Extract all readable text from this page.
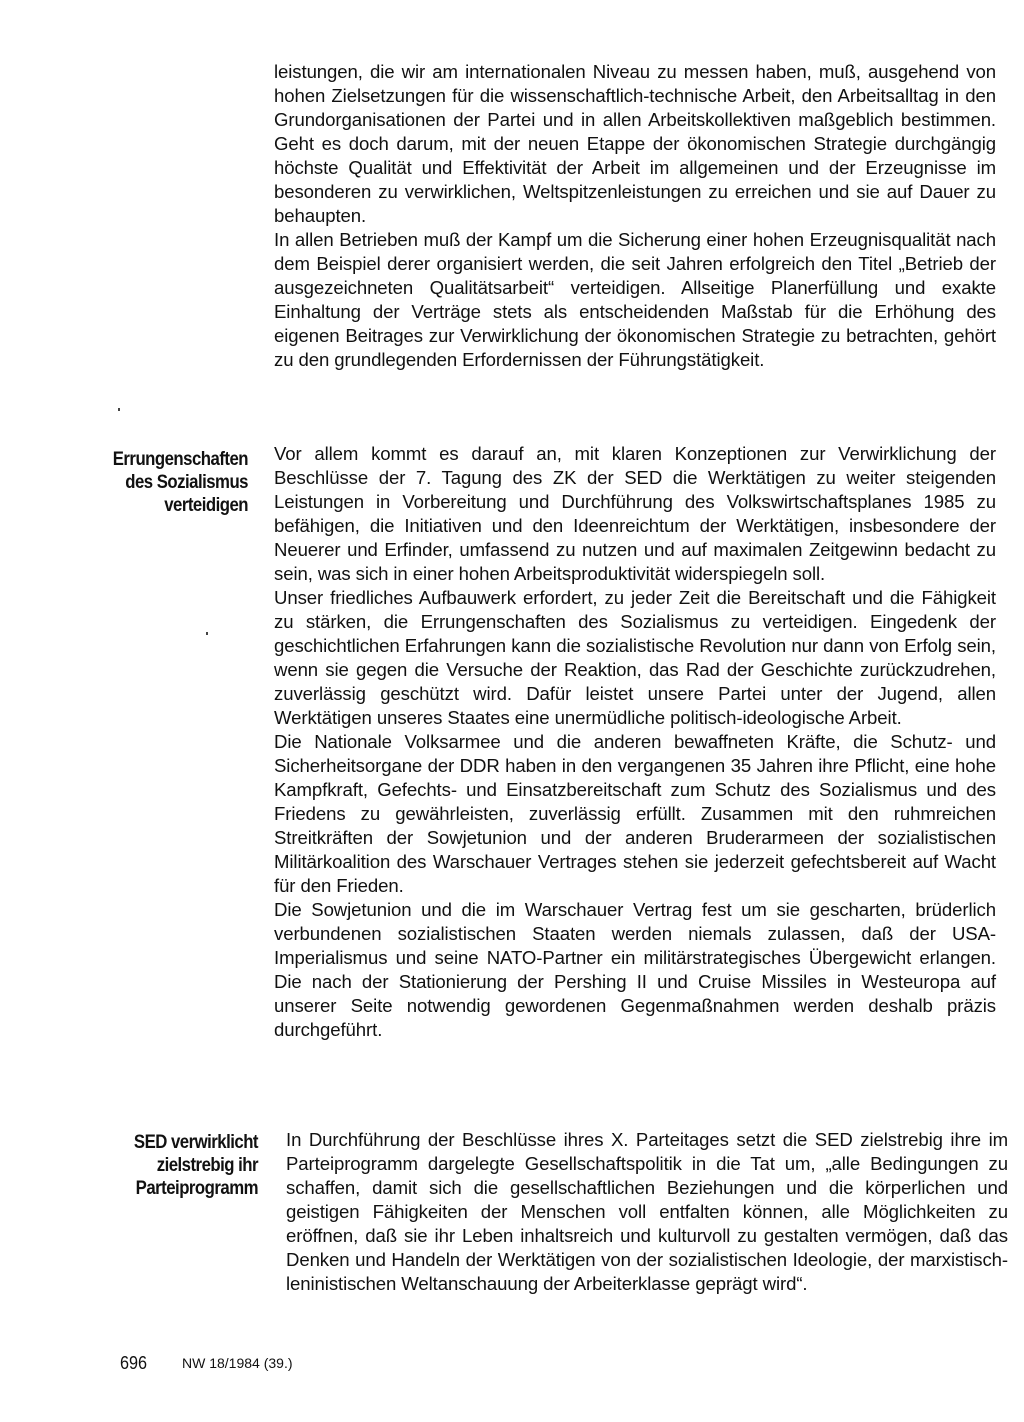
leistungen, die wir am internationalen Niveau zu messen haben, muß, ausgehend von hohen Zielsetzungen für die wissenschaftlich-technische Arbeit, den Arbeitsalltag in den Grundorganisationen der Partei und in allen Arbeitskollektiven maßgeblich bestimmen. Geht es doch darum, mit der neuen Etappe der ökonomischen Strategie durchgängig höchste Qualität und Effektivität der Arbeit im allgemeinen und der Erzeugnisse im besonderen zu verwirklichen, Weltspitzenleistungen zu erreichen und sie auf Dauer zu behaupten.

In allen Betrieben muß der Kampf um die Sicherung einer hohen Erzeugnisqualität nach dem Beispiel derer organisiert werden, die seit Jahren erfolgreich den Titel „Betrieb der ausgezeichneten Qualitätsarbeit“ verteidigen. Allseitige Planerfüllung und exakte Einhaltung der Verträge stets als entscheidenden Maßstab für die Erhöhung des eigenen Beitrages zur Verwirklichung der ökonomischen Strategie zu betrachten, gehört zu den grundlegenden Erfordernissen der Führungstätigkeit.

Errungenschaften
des Sozialismus
verteidigen

Vor allem kommt es darauf an, mit klaren Konzeptionen zur Verwirklichung der Beschlüsse der 7. Tagung des ZK der SED die Werktätigen zu weiter steigenden Leistungen in Vorbereitung und Durchführung des Volkswirtschaftsplanes 1985 zu befähigen, die Initiativen und den Ideenreichtum der Werktätigen, insbesondere der Neuerer und Erfinder, umfassend zu nutzen und auf maximalen Zeitgewinn bedacht zu sein, was sich in einer hohen Arbeitsproduktivität widerspiegeln soll.

Unser friedliches Aufbauwerk erfordert, zu jeder Zeit die Bereitschaft und die Fähigkeit zu stärken, die Errungenschaften des Sozialismus zu verteidigen. Eingedenk der geschichtlichen Erfahrungen kann die sozialistische Revolution nur dann von Erfolg sein, wenn sie gegen die Versuche der Reaktion, das Rad der Geschichte zurückzudrehen, zuverlässig geschützt wird. Dafür leistet unsere Partei unter der Jugend, allen Werktätigen unseres Staates eine unermüdliche politisch-ideologische Arbeit.

Die Nationale Volksarmee und die anderen bewaffneten Kräfte, die Schutz- und Sicherheitsorgane der DDR haben in den vergangenen 35 Jahren ihre Pflicht, eine hohe Kampfkraft, Gefechts- und Einsatzbereitschaft zum Schutz des Sozialismus und des Friedens zu gewährleisten, zuverlässig erfüllt. Zusammen mit den ruhmreichen Streitkräften der Sowjetunion und der anderen Bruderarmeen der sozialistischen Militärkoalition des Warschauer Vertrages stehen sie jederzeit gefechtsbereit auf Wacht für den Frieden.

Die Sowjetunion und die im Warschauer Vertrag fest um sie gescharten, brüderlich verbundenen sozialistischen Staaten werden niemals zulassen, daß der USA-Imperialismus und seine NATO-Partner ein militärstrategisches Übergewicht erlangen. Die nach der Stationierung der Pershing II und Cruise Missiles in Westeuropa auf unserer Seite notwendig gewordenen Gegenmaßnahmen werden deshalb präzis durchgeführt.

SED verwirklicht
zielstrebig ihr
Parteiprogramm

In Durchführung der Beschlüsse ihres X. Parteitages setzt die SED zielstrebig ihre im Parteiprogramm dargelegte Gesellschaftspolitik in die Tat um, „alle Bedingungen zu schaffen, damit sich die gesellschaftlichen Beziehungen und die körperlichen und geistigen Fähigkeiten der Menschen voll entfalten können, alle Möglichkeiten zu eröffnen, daß sie ihr Leben inhaltsreich und kulturvoll zu gestalten vermögen, daß das Denken und Handeln der Werktätigen von der sozialistischen Ideologie, der marxistisch-leninistischen Weltanschauung der Arbeiterklasse geprägt wird“.

696 NW 18/1984 (39.)
